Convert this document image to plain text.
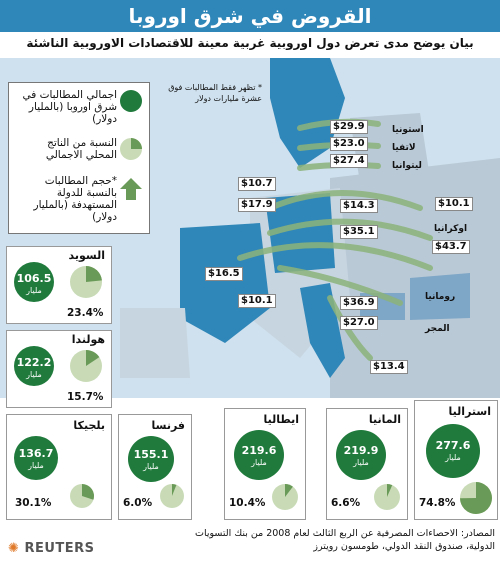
القروض في شرق اوروبا
بيان يوضح مدى تعرض دول اوروبية غربية معينة للاقتصادات الاوروبية الناشئة
اجمالي المطالبات في شرق اوروبا (بالمليار دولار)
النسبة من الناتج المحلي الاجمالي
*حجم المطالبات بالنسبة للدولة المستهدفة (بالمليار دولار)
* تظهر فقط المطالبات فوق عشرة مليارات دولار
$29.9
$23.0
$27.4
$10.7
$17.9	$14.3	$10.1
$35.1
$43.7
$16.5
$10.1	$36.9
$27.0
$13.4
استونيا
لاتفيا
ليتوانيا
اوكرانيا
رومانيا
المجر
السويد
106.5
مليار
23.4%
هولندا
122.2
مليار
15.7%
بلجيكا
136.7
مليار
30.1%
فرنسا
155.1
مليار
6.0%
ايطاليا
219.6
مليار
10.4%
المانيا
219.9
مليار
6.6%
استراليا
277.6
مليار
74.8%
المصادر: الاحصاءات المصرفية عن الربع الثالث لعام 2008 من بنك التسويات الدولية، صندوق النقد الدولي، طومسون رويترز
✺ REUTERS
